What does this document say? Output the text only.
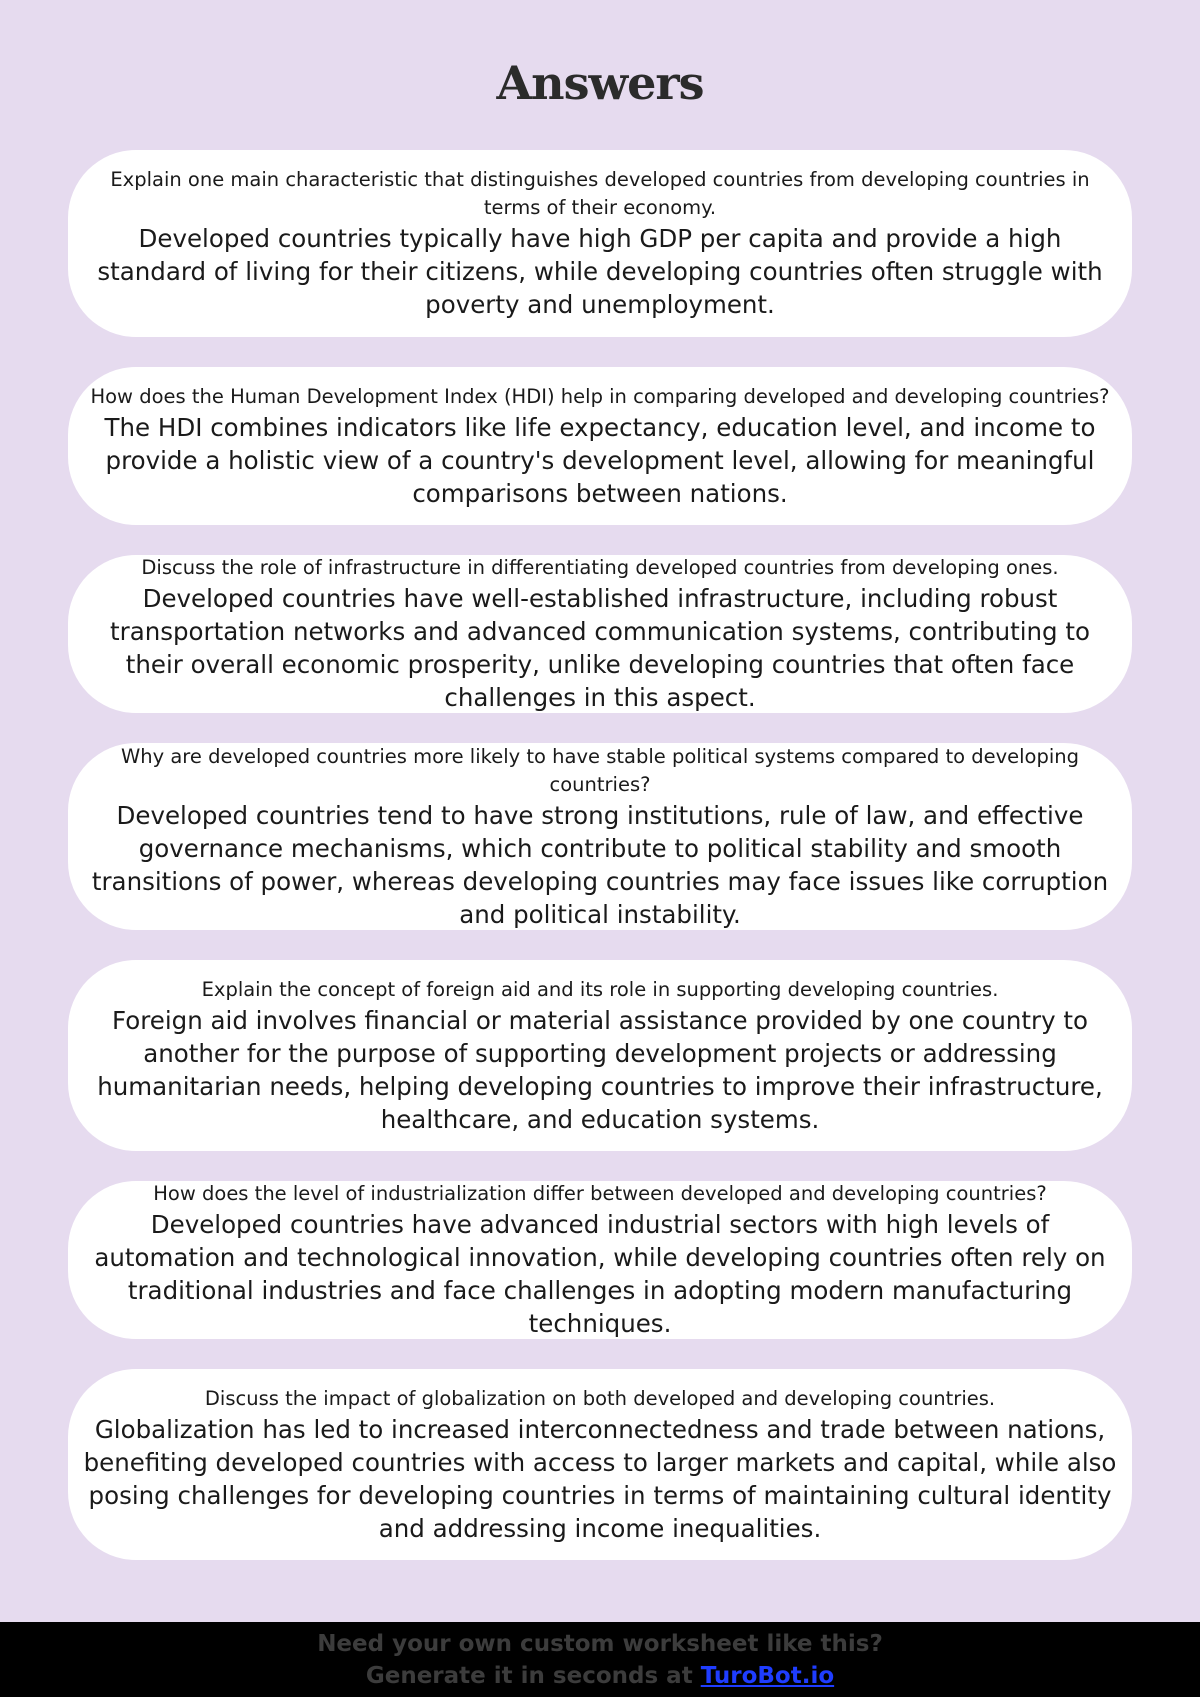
Answers
Explain one main characteristic that distinguishes developed countries from developing countries in terms of their economy.
Developed countries typically have high GDP per capita and provide a high standard of living for their citizens, while developing countries often struggle with poverty and unemployment.
How does the Human Development Index (HDI) help in comparing developed and developing countries?
The HDI combines indicators like life expectancy, education level, and income to provide a holistic view of a country's development level, allowing for meaningful comparisons between nations.
Discuss the role of infrastructure in differentiating developed countries from developing ones.
Developed countries have well-established infrastructure, including robust transportation networks and advanced communication systems, contributing to their overall economic prosperity, unlike developing countries that often face challenges in this aspect.
Why are developed countries more likely to have stable political systems compared to developing countries?
Developed countries tend to have strong institutions, rule of law, and effective governance mechanisms, which contribute to political stability and smooth transitions of power, whereas developing countries may face issues like corruption and political instability.
Explain the concept of foreign aid and its role in supporting developing countries.
Foreign aid involves financial or material assistance provided by one country to another for the purpose of supporting development projects or addressing humanitarian needs, helping developing countries to improve their infrastructure, healthcare, and education systems.
How does the level of industrialization differ between developed and developing countries?
Developed countries have advanced industrial sectors with high levels of automation and technological innovation, while developing countries often rely on traditional industries and face challenges in adopting modern manufacturing techniques.
Discuss the impact of globalization on both developed and developing countries.
Globalization has led to increased interconnectedness and trade between nations, benefiting developed countries with access to larger markets and capital, while also posing challenges for developing countries in terms of maintaining cultural identity and addressing income inequalities.
Need your own custom worksheet like this?
Generate it in seconds at TuroBot.io
